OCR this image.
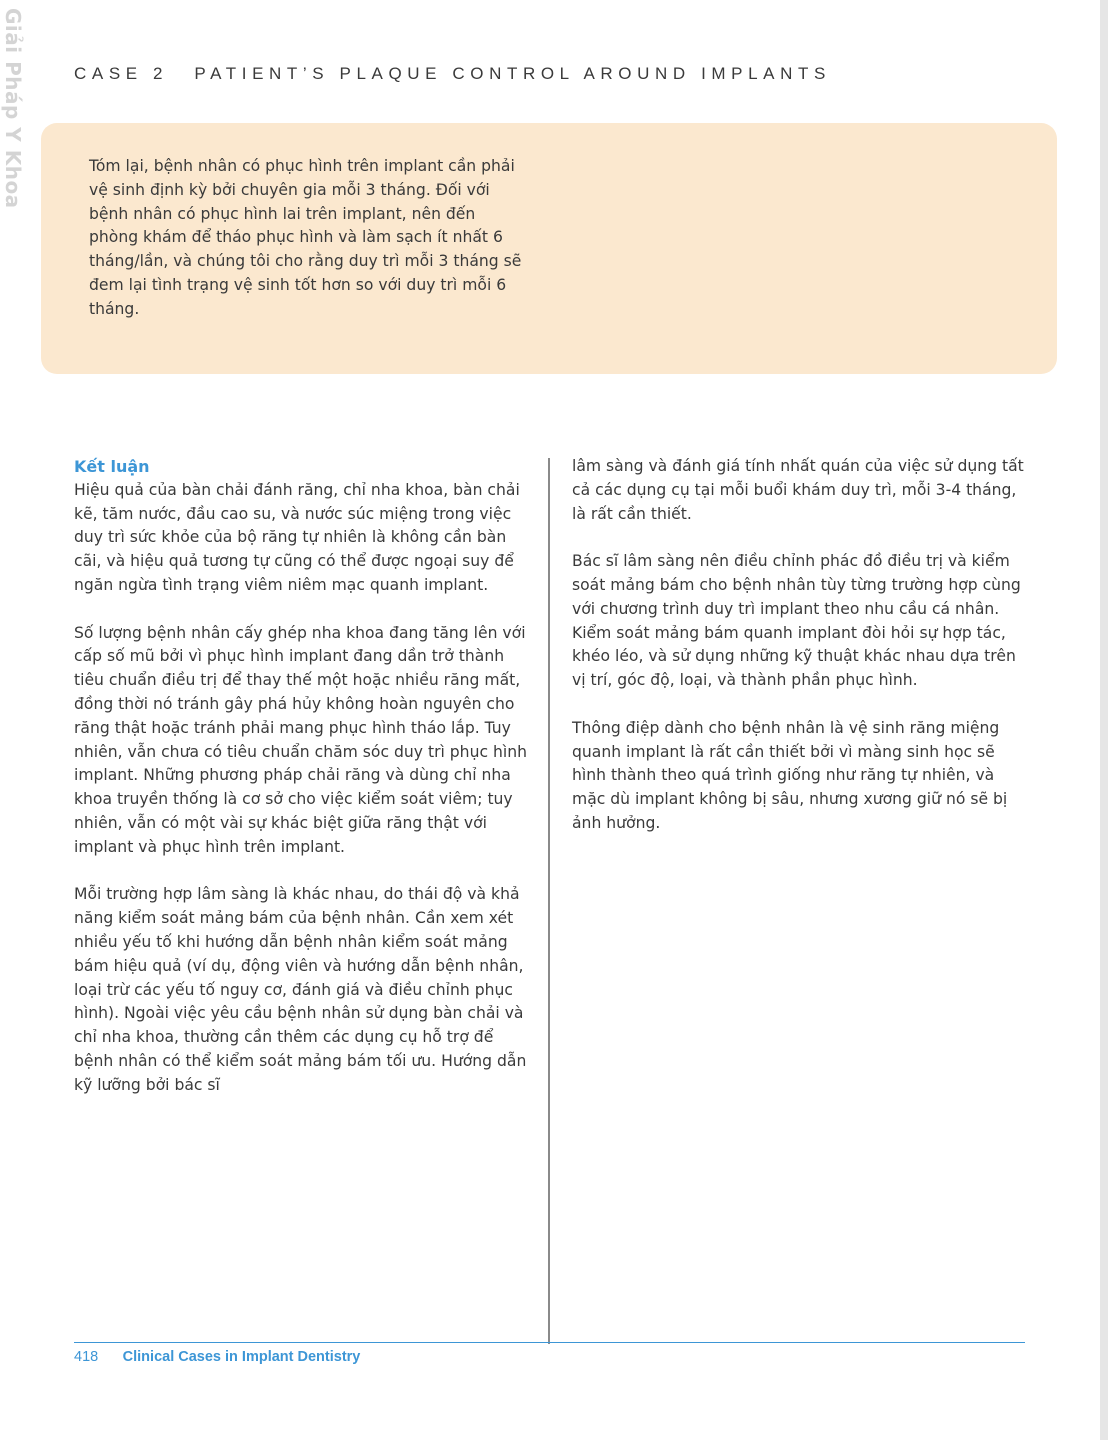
Giải Pháp Y Khoa	CASE 2 PATIENT’S PLAQUE CONTROL AROUND IMPLANTS
Tóm lại, bệnh nhân có phục hình trên implant cần phải vệ sinh định kỳ bởi chuyên gia mỗi 3 tháng. Đối với bệnh nhân có phục hình lai trên implant, nên đến phòng khám để tháo phục hình và làm sạch ít nhất 6 tháng/lần, và chúng tôi cho rằng duy trì mỗi 3 tháng sẽ đem lại tình trạng vệ sinh tốt hơn so với duy trì mỗi 6 tháng.
Kết luận

Hiệu quả của bàn chải đánh răng, chỉ nha khoa, bàn chải kẽ, tăm nước, đầu cao su, và nước súc miệng trong việc duy trì sức khỏe của bộ răng tự nhiên là không cần bàn cãi, và hiệu quả tương tự cũng có thể được ngoại suy để ngăn ngừa tình trạng viêm niêm mạc quanh implant.

Số lượng bệnh nhân cấy ghép nha khoa đang tăng lên với cấp số mũ bởi vì phục hình implant đang dần trở thành tiêu chuẩn điều trị để thay thế một hoặc nhiều răng mất, đồng thời nó tránh gây phá hủy không hoàn nguyên cho răng thật hoặc tránh phải mang phục hình tháo lắp. Tuy nhiên, vẫn chưa có tiêu chuẩn chăm sóc duy trì phục hình implant. Những phương pháp chải răng và dùng chỉ nha khoa truyền thống là cơ sở cho việc kiểm soát viêm; tuy nhiên, vẫn có một vài sự khác biệt giữa răng thật với implant và phục hình trên implant.

Mỗi trường hợp lâm sàng là khác nhau, do thái độ và khả năng kiểm soát mảng bám của bệnh nhân. Cần xem xét nhiều yếu tố khi hướng dẫn bệnh nhân kiểm soát mảng bám hiệu quả (ví dụ, động viên và hướng dẫn bệnh nhân, loại trừ các yếu tố nguy cơ, đánh giá và điều chỉnh phục hình). Ngoài việc yêu cầu bệnh nhân sử dụng bàn chải và chỉ nha khoa, thường cần thêm các dụng cụ hỗ trợ để bệnh nhân có thể kiểm soát mảng bám tối ưu. Hướng dẫn kỹ lưỡng bởi bác sĩ

lâm sàng và đánh giá tính nhất quán của việc sử dụng tất cả các dụng cụ tại mỗi buổi khám duy trì, mỗi 3-4 tháng, là rất cần thiết.

Bác sĩ lâm sàng nên điều chỉnh phác đồ điều trị và kiểm soát mảng bám cho bệnh nhân tùy từng trường hợp cùng với chương trình duy trì implant theo nhu cầu cá nhân. Kiểm soát mảng bám quanh implant đòi hỏi sự hợp tác, khéo léo, và sử dụng những kỹ thuật khác nhau dựa trên vị trí, góc độ, loại, và thành phần phục hình.

Thông điệp dành cho bệnh nhân là vệ sinh răng miệng quanh implant là rất cần thiết bởi vì màng sinh học sẽ hình thành theo quá trình giống như răng tự nhiên, và mặc dù implant không bị sâu, nhưng xương giữ nó sẽ bị ảnh hưởng.

418 Clinical Cases in Implant Dentistry
